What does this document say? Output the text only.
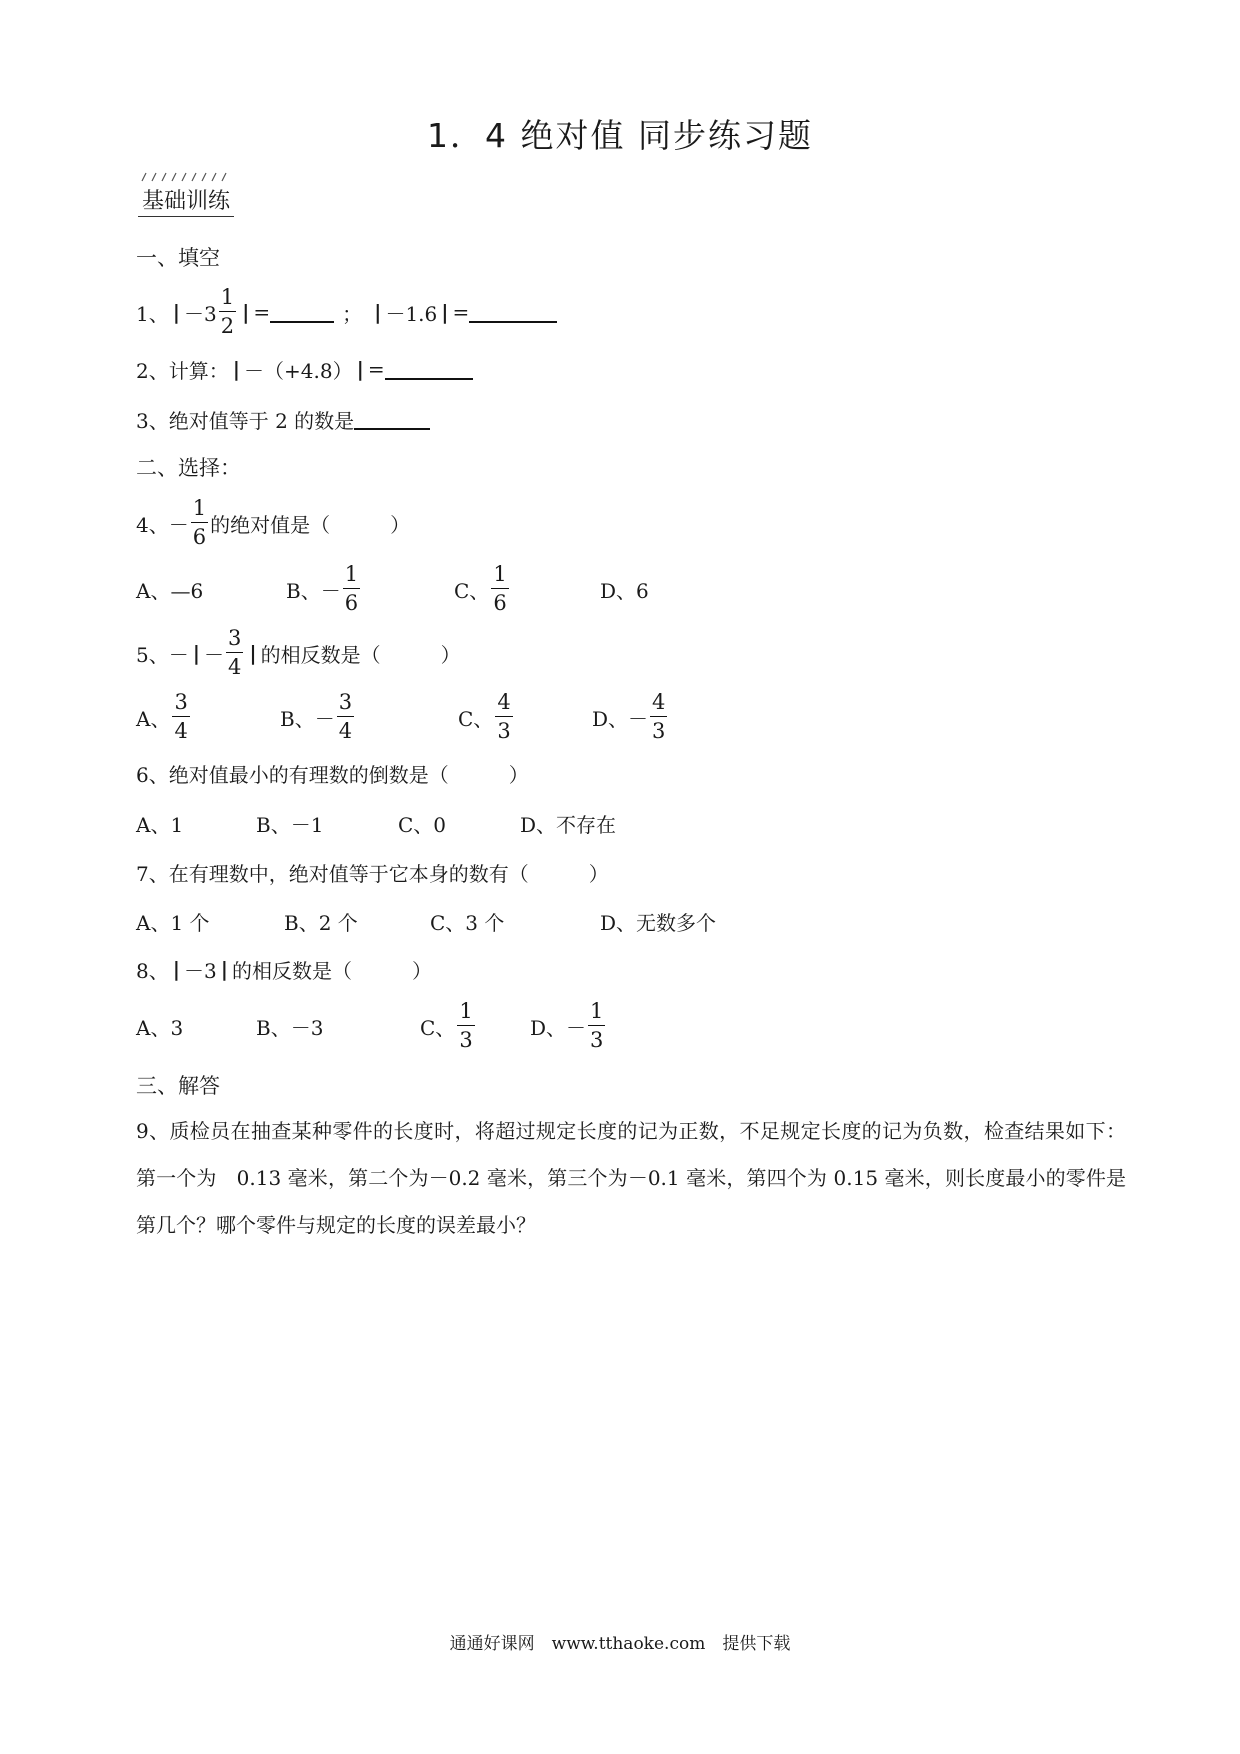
1．4 绝对值 同步练习题
基础训练
一、填空
1、 | $-3 \frac{1}{2}$ | =	； | －1.6 | =
2、计算： | －（+4.8） | =
3、绝对值等于 2 的数是
二、选择：
4、 － $\frac{1}{6}$ 的绝对值是（　　　）
A、—6	B、－ $\frac{1}{6}$	C、 $\frac{1}{6}$	D、6
5、－ | － $\frac{3}{4}$ | 的相反数是（　　　）
A、 $\frac{3}{4}$	B、－ $\frac{3}{4}$	C、 $\frac{4}{3}$	D、－ $\frac{4}{3}$
6、绝对值最小的有理数的倒数是（　　　）
A、1	B、－1	C、0	D、不存在
7、在有理数中，绝对值等于它本身的数有（　　　）
A、1 个	B、2 个	C、3 个	D、无数多个
8、 | －3 | 的相反数是（　　　）
A、3	B、－3	C、 $\frac{1}{3}$	D、－ $\frac{1}{3}$
三、解答
9、质检员在抽查某种零件的长度时，将超过规定长度的记为正数，不足规定长度的记为负数，检查结果如下：第一个为　0.13 毫米，第二个为－0.2 毫米，第三个为－0.1 毫米，第四个为 0.15 毫米，则长度最小的零件是第几个？哪个零件与规定的长度的误差最小？
通通好课网　www.tthaoke.com　提供下载
